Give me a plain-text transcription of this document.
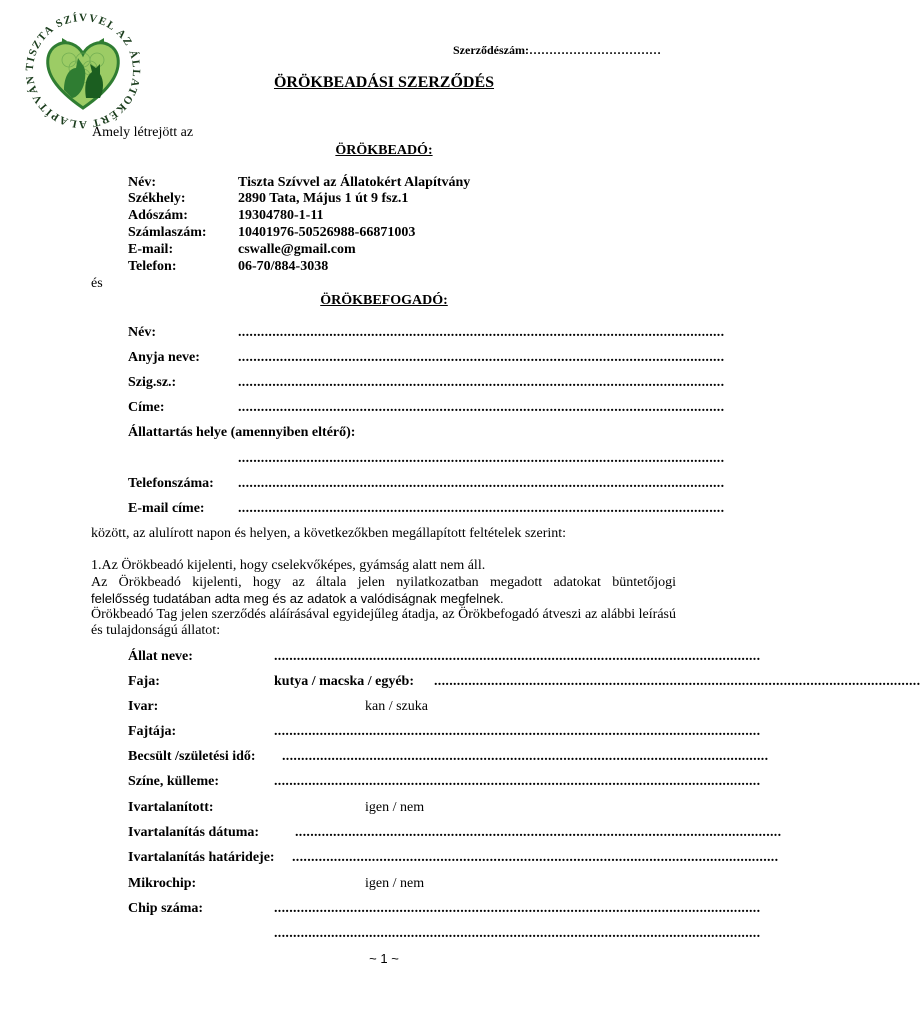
TISZTA SZÍVVEL AZ ÁLLATOKÉRT ALAPÍTVÁN
Szerződészám:……………………………
ÖRÖKBEADÁSI SZERZŐDÉS
Amely létrejött az
ÖRÖKBEADÓ:
Név:	Tiszta Szívvel az Állatokért Alapítvány
Székhely:	2890 Tata, Május 1 út 9 fsz.1
Adószám:	19304780-1-11
Számlaszám: 10401976-50526988-66871003
E-mail:	cswalle@gmail.com
Telefon:	06-70/884-3038
és
ÖRÖKBEFOGADÓ:
Név:	................................................................................................................................
Anyja neve:	................................................................................................................................
Szig.sz.:	................................................................................................................................
Címe:	................................................................................................................................
Állattartás helye (amennyiben eltérő):
................................................................................................................................
Telefonszáma: ................................................................................................................................
E-mail címe: ................................................................................................................................
között, az alulírott napon és helyen, a következőkben megállapított feltételek szerint:
1.Az Örökbeadó kijelenti, hogy cselekvőképes, gyámság alatt nem áll.
Az Örökbeadó kijelenti, hogy az általa jelen nyilatkozatban megadott adatokat büntetőjogi
felelősség tudatában adta meg és az adatok a valódiságnak megfelnek.
Örökbeadó Tag jelen szerződés aláírásával egyidejűleg átadja, az Örökbefogadó átveszi az alábbi leírású és tulajdonságú állatot:
Állat neve:	................................................................................................................................
Faja:	kutya / macska / egyéb: ................................................................................................................................
Ivar:	kan / szuka
Fajtája:	................................................................................................................................
Becsült /születési idő: ................................................................................................................................
Színe, külleme:	................................................................................................................................
Ivartalanított:	igen / nem
Ivartalanítás dátuma:	................................................................................................................................
Ivartalanítás határideje: ................................................................................................................................
Mikrochip:	igen / nem
Chip száma:	................................................................................................................................
................................................................................................................................
~ 1 ~
